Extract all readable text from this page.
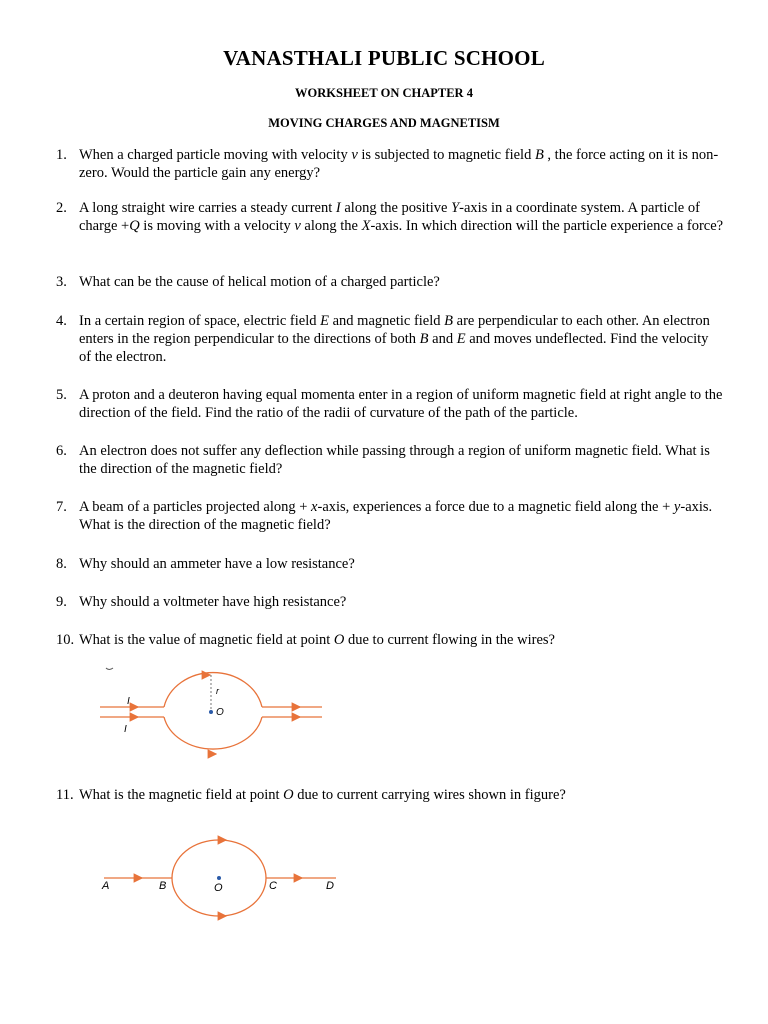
VANASTHALI PUBLIC SCHOOL
WORKSHEET ON CHAPTER 4
MOVING CHARGES AND MAGNETISM
1. When a charged particle moving with velocity v is subjected to magnetic field B , the force acting on it is non-zero. Would the particle gain any energy?
2. A long straight wire carries a steady current I along the positive Y-axis in a coordinate system. A particle of charge +Q is moving with a velocity v along the X-axis. In which direction will the particle experience a force?
3. What can be the cause of helical motion of a charged particle?
4. In a certain region of space, electric field E and magnetic field B are perpendicular to each other. An electron enters in the region perpendicular to the directions of both B and E and moves undeflected. Find the velocity of the electron.
5. A proton and a deuteron having equal momenta enter in a region of uniform magnetic field at right angle to the direction of the field. Find the ratio of the radii of curvature of the path of the particle.
6. An electron does not suffer any deflection while passing through a region of uniform magnetic field. What is the direction of the magnetic field?
7. A beam of a particles projected along + x-axis, experiences a force due to a magnetic field along the + y-axis. What is the direction of the magnetic field?
8. Why should an ammeter have a low resistance?
9. Why should a voltmeter have high resistance?
10. What is the value of magnetic field at point O due to current flowing in the wires?
I
I
r
O
11. What is the magnetic field at point O due to current carrying wires shown in figure?
A	B	O	C	D
